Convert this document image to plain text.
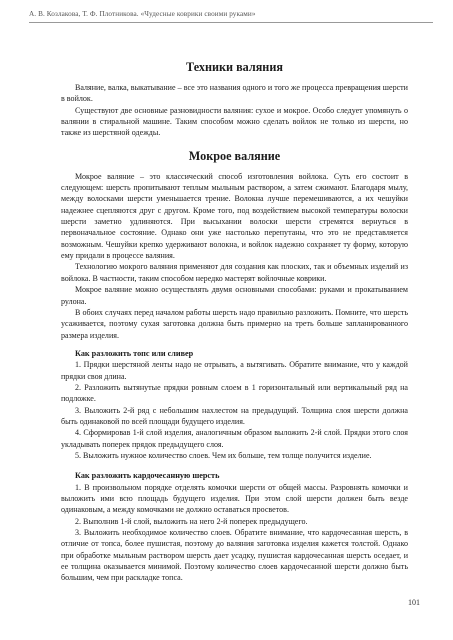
А. В. Козлакова, Т. Ф. Плотникова. «Чудесные коврики своими руками»
Техники валяния

Валяние, валка, выкатывание – все это названия одного и того же процесса превращения шерсти в войлок.

Существуют две основные разновидности валяния: сухое и мокрое. Особо следует упомянуть о валянии в стиральной машине. Таким способом можно сделать войлок не только из шерсти, но также из шерстяной одежды.

Мокрое валяние

Мокрое валяние – это классический способ изготовления войлока. Суть его состоит в следующем: шерсть пропитывают теплым мыльным раствором, а затем сжимают. Благодаря мылу, между волосками шерсти уменьшается трение. Волокна лучше перемешиваются, а их чешуйки надежнее сцепляются друг с другом. Кроме того, под воздействием высокой температуры волоски шерсти заметно удлиняются. При высыхании волоски шерсти стремятся вернуться в первоначальное состояние. Однако они уже настолько перепутаны, что это не представляется возможным. Чешуйки крепко удерживают волокна, и войлок надежно сохраняет ту форму, которую ему придали в процессе валяния.

Технологию мокрого валяния применяют для создания как плоских, так и объемных изделий из войлока. В частности, таким способом нередко мастерят войлочные коврики.

Мокрое валяние можно осуществлять двумя основными способами: руками и прокатыванием рулона.

В обоих случаях перед началом работы шерсть надо правильно разложить. Помните, что шерсть усаживается, поэтому сухая заготовка должна быть примерно на треть больше запланированного размера изделия.

Как разложить топс или сливер

1. Прядки шерстяной ленты надо не отрывать, а вытягивать. Обратите внимание, что у каждой прядки своя длина.

2. Разложить вытянутые прядки ровным слоем в 1 горизонтальный или вертикальный ряд на подложке.

3. Выложить 2-й ряд с небольшим нахлестом на предыдущий. Толщина слоя шерсти должна быть одинаковой по всей площади будущего изделия.

4. Сформировав 1-й слой изделия, аналогичным образом выложить 2-й слой. Прядки этого слоя укладывать поперек прядок предыдущего слоя.

5. Выложить нужное количество слоев. Чем их больше, тем толще получится изделие.

Как разложить кардочесанную шерсть

1. В произвольном порядке отделять комочки шерсти от общей массы. Разровнять комочки и выложить ими всю площадь будущего изделия. При этом слой шерсти должен быть везде одинаковым, а между комочками не должно оставаться просветов.

2. Выполнив 1-й слой, выложить на него 2-й поперек предыдущего.

3. Выложить необходимое количество слоев. Обратите внимание, что кардочесанная шерсть, в отличие от топса, более пушистая, поэтому до валяния заготовка изделия кажется толстой. Однако при обработке мыльным раствором шерсть дает усадку, пушистая кардочесанная шерсть оседает, и ее толщина оказывается минимой. Поэтому количество слоев кардочесанной шерсти должно быть большим, чем при раскладке топса.

101
